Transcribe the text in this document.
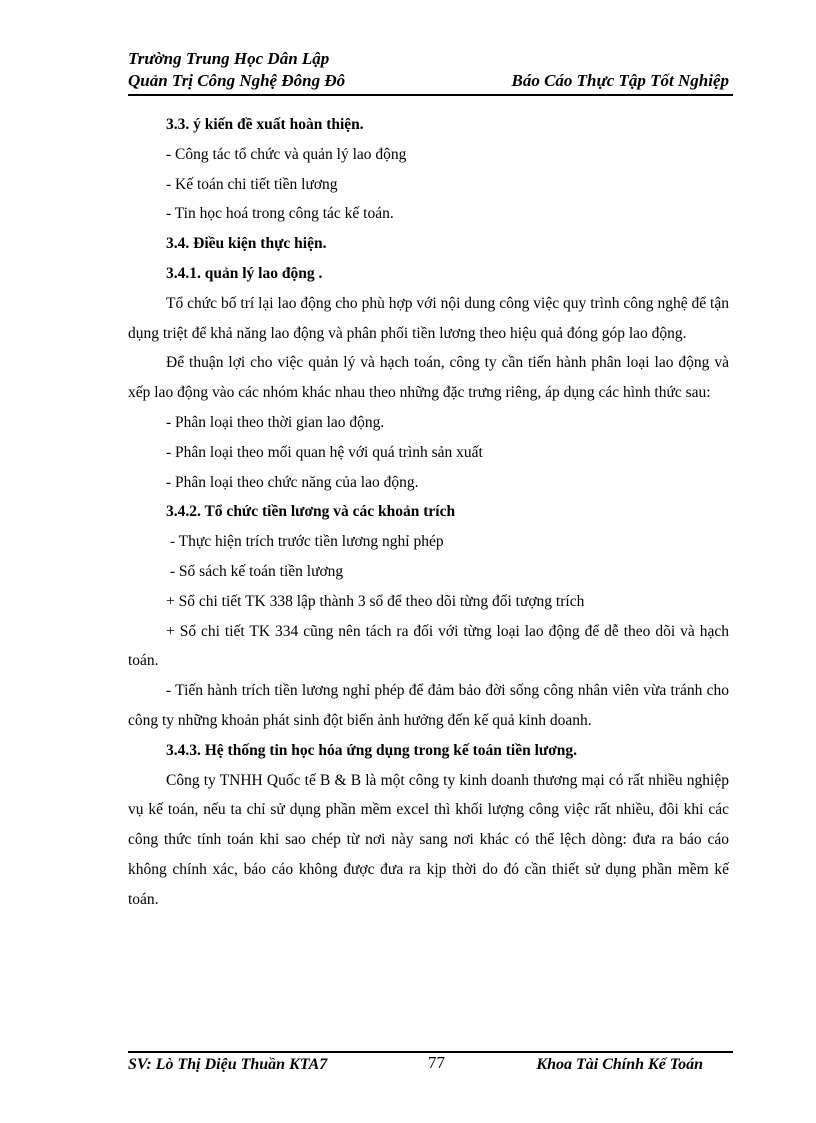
Trường Trung Học Dân Lập
Quản Trị Công Nghệ Đông Đô	Báo Cáo Thực Tập Tốt Nghiệp

3.3. ý kiến đề xuất hoàn thiện.

- Công tác tổ chức và quản lý lao động

- Kế toán chi tiết tiền lương

- Tin học hoá trong công tác kế toán.

3.4. Điều kiện thực hiện.

3.4.1. quản lý lao động .

Tổ chức bố trí lại lao động cho phù hợp với nội dung công việc quy trình công nghệ để tận dụng triệt để khả năng lao động và phân phối tiền lương theo hiệu quả đóng góp lao động.

Để thuận lợi cho việc quản lý và hạch toán, công ty cần tiến hành phân loại lao động và xếp lao động vào các nhóm khác nhau theo những đặc trưng riêng, áp dụng các hình thức sau:

- Phân loại theo thời gian lao động.

- Phân loại theo mối quan hệ với quá trình sản xuất

- Phân loại theo chức năng của lao động.

3.4.2. Tổ chức tiền lương và các khoản trích

- Thực hiện trích trước tiền lương nghỉ phép

- Sổ sách kế toán tiền lương

+ Sổ chi tiết TK 338 lập thành 3 sổ để theo dõi từng đối tượng trích

+ Sổ chi tiết TK 334 cũng nên tách ra đối với từng loại lao động để dễ theo dõi và hạch toán.

- Tiến hành trích tiền lương nghỉ phép để đảm bảo đời sống công nhân viên vừa tránh cho công ty những khoản phát sinh đột biến ảnh hưởng đến kế quả kinh doanh.

3.4.3. Hệ thống tin học hóa ứng dụng trong kế toán tiền lương.

Công ty TNHH Quốc tế B & B là một công ty kinh doanh thương mại có rất nhiều nghiệp vụ kế toán, nếu ta chỉ sử dụng phần mềm excel thì khối lượng công việc rất nhiều, đôi khi các công thức tính toán khi sao chép từ nơi này sang nơi khác có thể lệch dòng: đưa ra báo cáo không chính xác, báo cáo không được đưa ra kịp thời do đó cần thiết sử dụng phần mềm kế toán.

SV: Lò Thị Diệu Thuần KTA7	77	Khoa Tài Chính Kế Toán
